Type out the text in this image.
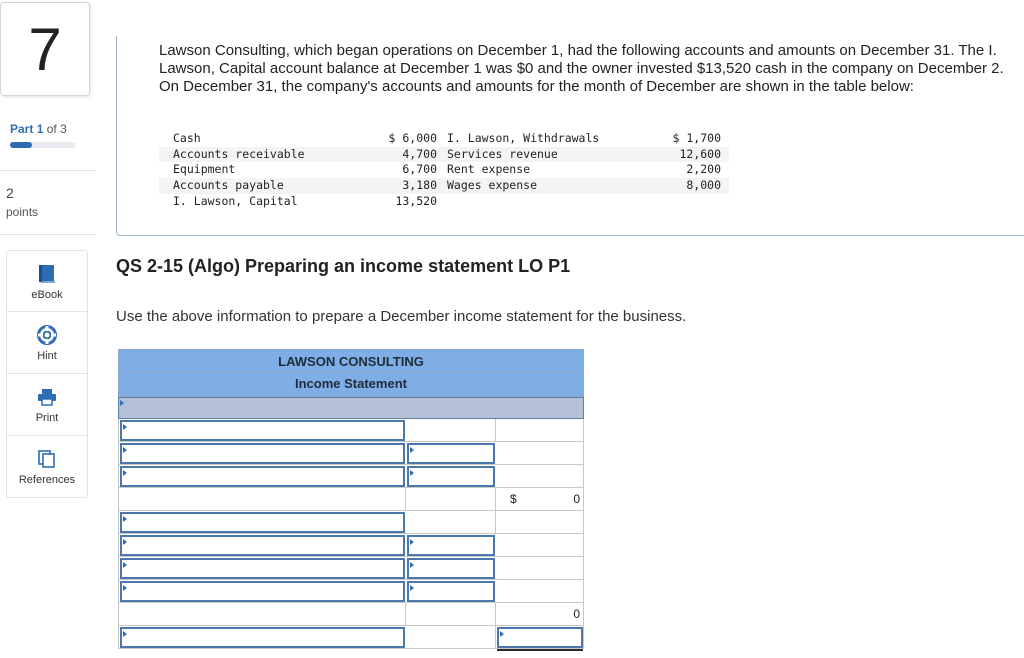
7
Part 1 of 3
2
points
eBook
Hint
Print
References
Lawson Consulting, which began operations on December 1, had the following accounts and amounts on December 31. The I. Lawson, Capital account balance at December 1 was $0 and the owner invested $13,520 cash in the company on December 2. On December 31, the company's accounts and amounts for the month of December are shown in the table below:
Cash
Accounts receivable
Equipment
Accounts payable
I. Lawson, Capital
$ 6,000
4,700
6,700
3,180
13,520
I. Lawson, Withdrawals
Services revenue
Rent expense
Wages expense
$ 1,700
12,600
2,200
8,000
QS 2-15 (Algo) Preparing an income statement LO P1
Use the above information to prepare a December income statement for the business.
LAWSON CONSULTING
Income Statement
$	0
0
